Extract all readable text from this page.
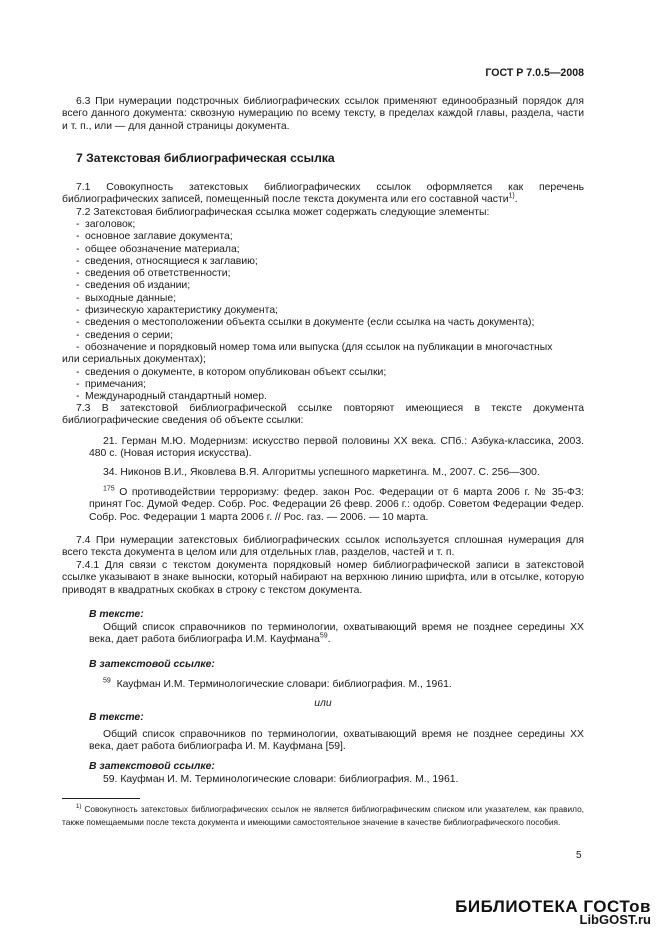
ГОСТ Р 7.0.5—2008
6.3 При нумерации подстрочных библиографических ссылок применяют единообразный порядок для всего данного документа: сквозную нумерацию по всему тексту, в пределах каждой главы, раздела, части и т. п., или — для данной страницы документа.
7 Затекстовая библиографическая ссылка
7.1 Совокупность затекстовых библиографических ссылок оформляется как перечень библиографических записей, помещенный после текста документа или его составной части$^{1)}$.
7.2 Затекстовая библиографическая ссылка может содержать следующие элементы:
- заголовок;
- основное заглавие документа;
- общее обозначение материала;
- сведения, относящиеся к заглавию;
- сведения об ответственности;
- сведения об издании;
- выходные данные;
- физическую характеристику документа;
- сведения о местоположении объекта ссылки в документе (если ссылка на часть документа);
- сведения о серии;
- обозначение и порядковый номер тома или выпуска (для ссылок на публикации в многочастных
или сериальных документах);
- сведения о документе, в котором опубликован объект ссылки;
- примечания;
- Международный стандартный номер.
7.3 В затекстовой библиографической ссылке повторяют имеющиеся в тексте документа библиографические сведения об объекте ссылки:
21. Герман М.Ю. Модернизм: искусство первой половины XX века. СПб.: Азбука-классика, 2003. 480 с. (Новая история искусства).
34. Никонов В.И., Яковлева В.Я. Алгоритмы успешного маркетинга. М., 2007. С. 256—300.
$^{175}$ О противодействии терроризму: федер. закон Рос. Федерации от 6 марта 2006 г. № 35-ФЗ: принят Гос. Думой Федер. Собр. Рос. Федерации 26 февр. 2006 г.: одобр. Советом Федерации Федер. Собр. Рос. Федерации 1 марта 2006 г. // Рос. газ. — 2006. — 10 марта.
7.4 При нумерации затекстовых библиографических ссылок используется сплошная нумерация для всего текста документа в целом или для отдельных глав, разделов, частей и т. п.
7.4.1 Для связи с текстом документа порядковый номер библиографической записи в затекстовой ссылке указывают в знаке выноски, который набирают на верхнюю линию шрифта, или в отсылке, которую приводят в квадратных скобках в строку с текстом документа.
В тексте:
Общий список справочников по терминологии, охватывающий время не позднее середины XX века, дает работа библиографа И.М. Кауфмана$^{59}$.
В затекстовой ссылке:
$^{59}$ Кауфман И.М. Терминологические словари: библиография. М., 1961.
или
В тексте:
Общий список справочников по терминологии, охватывающий время не позднее середины XX века, дает работа библиографа И. М. Кауфмана [59].
В затекстовой ссылке:
59. Кауфман И. М. Терминологические словари: библиография. М., 1961.
$^{1)}$ Совокупность затекстовых библиографических ссылок не является библиографическим списком или указателем, как правило, также помещаемыми после текста документа и имеющими самостоятельное значение в качестве библиографического пособия.
5
БИБЛИОТЕКА ГОСТов
LibGOST.ru
